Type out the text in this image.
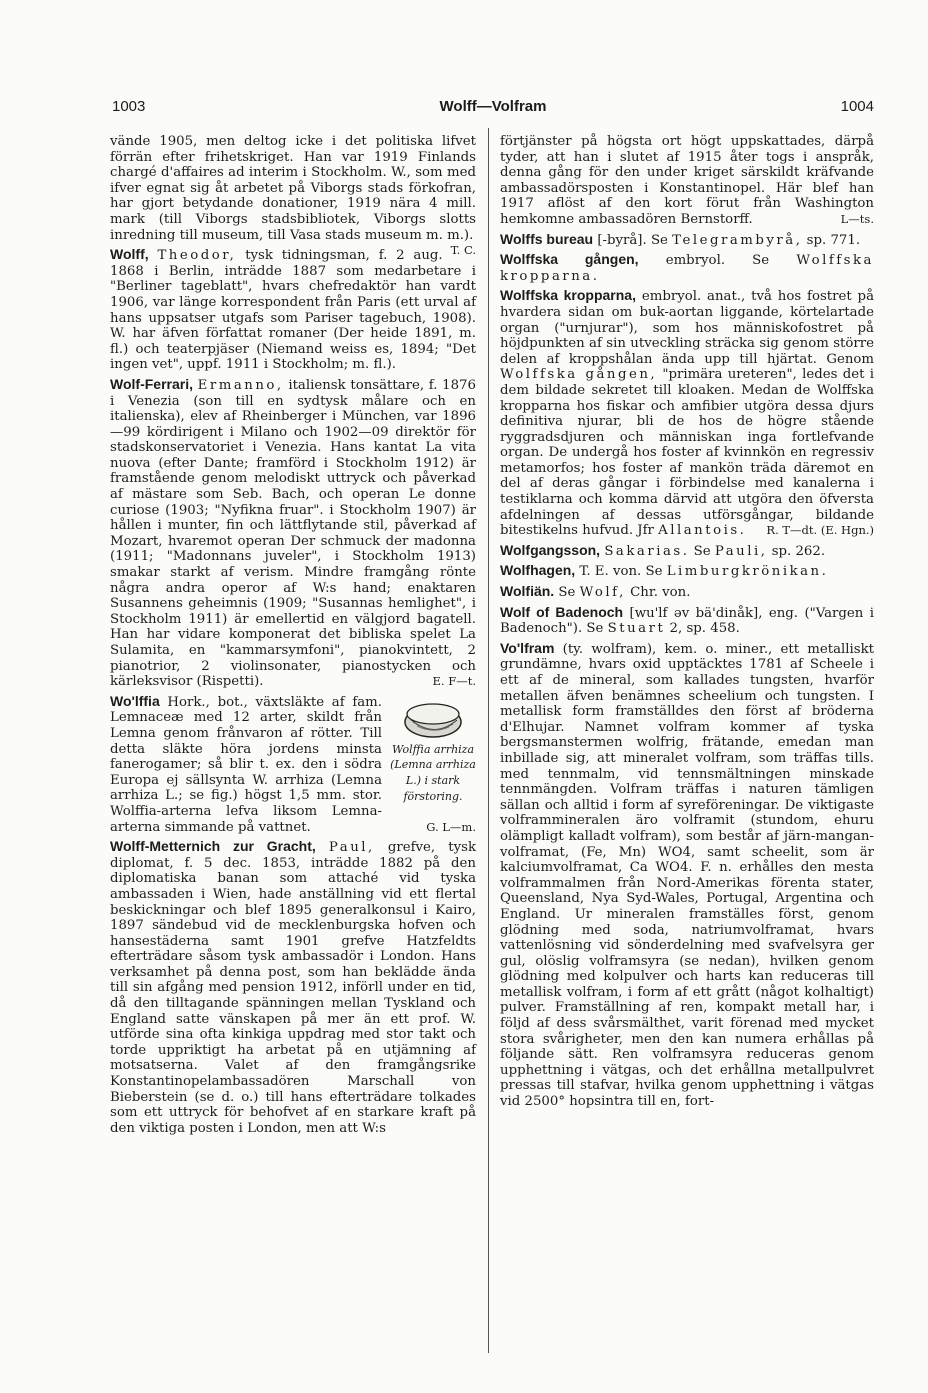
1003	Wolff—Volfram	1004

vände 1905, men deltog icke i det politiska lifvet förrän efter frihetskriget. Han var 1919 Finlands chargé d'affaires ad interim i Stockholm. W., som med ifver egnat sig åt arbetet på Viborgs stads förkofran, har gjort betydande donationer, 1919 nära 4 mill. mark (till Viborgs stadsbibliotek, Viborgs slotts inredning till museum, till Vasa stads museum m. m.).
T. C.

Wolff, Theodor, tysk tidningsman, f. 2 aug. 1868 i Berlin, inträdde 1887 som medarbetare i "Berliner tageblatt", hvars chefredaktör han vardt 1906, var länge korrespondent från Paris (ett urval af hans uppsatser utgafs som Pariser tagebuch, 1908). W. har äfven författat romaner (Der heide 1891, m. fl.) och teaterpjäser (Niemand weiss es, 1894; "Det ingen vet", uppf. 1911 i Stockholm; m. fl.).

Wolf-Ferrari, Ermanno, italiensk tonsättare, f. 1876 i Venezia (son till en sydtysk målare och en italienska), elev af Rheinberger i München, var 1896—99 kördirigent i Milano och 1902—09 direktör för stadskonservatoriet i Venezia. Hans kantat La vita nuova (efter Dante; framförd i Stockholm 1912) är framstående genom melodiskt uttryck och påverkad af mästare som Seb. Bach, och operan Le donne curiose (1903; "Nyfikna fruar". i Stockholm 1907) är hållen i munter, fin och lättflytande stil, påverkad af Mozart, hvaremot operan Der schmuck der madonna (1911; "Madonnans juveler", i Stockholm 1913) smakar starkt af verism. Mindre framgång rönte några andra operor af W:s hand; enaktaren Susannens geheimnis (1909; "Susannas hemlighet", i Stockholm 1911) är emellertid en välgjord bagatell. Han har vidare komponerat det bibliska spelet La Sulamita, en "kammarsymfoni", pianokvintett, 2 pianotrior, 2 violinsonater, pianostycken och kärleksvisor (Rispetti).	E. F—t.

Wolffia arrhiza (Lemna arrhiza L.) i stark förstoring.
Wo'lffia Hork., bot., växtsläkte af fam. Lemnaceæ med 12 arter, skildt från Lemna genom frånvaron af rötter. Till detta släkte höra jordens minsta fanerogamer; så blir t. ex. den i södra Europa ej sällsynta W. arrhiza (Lemna arrhiza L.; se fig.) högst 1,5 mm. stor. Wolffia-arterna lefva liksom Lemna-arterna simmande på vattnet.	G. L—m.

Wolff-Metternich zur Gracht, Paul, grefve, tysk diplomat, f. 5 dec. 1853, inträdde 1882 på den diplomatiska banan som attaché vid tyska ambassaden i Wien, hade anställning vid ett flertal beskickningar och blef 1895 generalkonsul i Kairo, 1897 sändebud vid de mecklenburgska hofven och hansestäderna samt 1901 grefve Hatzfeldts efterträdare såsom tysk ambassadör i London. Hans verksamhet på denna post, som han beklädde ända till sin afgång med pension 1912, införll under en tid, då den tilltagande spänningen mellan Tyskland och England satte vänskapen på mer än ett prof. W. utförde sina ofta kinkiga uppdrag med stor takt och torde uppriktigt ha arbetat på en utjämning af motsatserna. Valet af den framgångsrike Konstantinopelambassadören Marschall von Bieberstein (se d. o.) till hans efterträdare tolkades som ett uttryck för behofvet af en starkare kraft på den viktiga posten i London, men att W:s

förtjänster på högsta ort högt uppskattades, därpå tyder, att han i slutet af 1915 åter togs i anspråk, denna gång för den under kriget särskildt kräfvande ambassadörsposten i Konstantinopel. Här blef han 1917 aflöst af den kort förut från Washington hemkomne ambassadören Bernstorff.	L—ts.

Wolffs bureau [-byrå]. Se Telegrambyrå, sp. 771.

Wolffska gången, embryol. Se Wolffska kropparna.

Wolffska kropparna, embryol. anat., två hos fostret på hvardera sidan om buk-aortan liggande, körtelartade organ ("urnjurar"), som hos människofostret på höjdpunkten af sin utveckling sträcka sig genom större delen af kroppshålan ända upp till hjärtat. Genom Wolffska gången, "primära ureteren", ledes det i dem bildade sekretet till kloaken. Medan de Wolffska kropparna hos fiskar och amfibier utgöra dessa djurs definitiva njurar, bli de hos de högre stående ryggradsdjuren och människan inga fortlefvande organ. De undergå hos foster af kvinnkön en regressiv metamorfos; hos foster af mankön träda däremot en del af deras gångar i förbindelse med kanalerna i testiklarna och komma därvid att utgöra den öfversta afdelningen af dessas utförsgångar, bildande bitestikelns hufvud. Jfr Allantois. R. T—dt. (E. Hgn.)

Wolfgangsson, Sakarias. Se Pauli, sp. 262.

Wolfhagen, T. E. von. Se Limburgkrönikan.

Wolfiän. Se Wolf, Chr. von.

Wolf of Badenoch [wu'lf əv bä'dinåk], eng. ("Vargen i Badenoch"). Se Stuart 2, sp. 458.

Vo'lfram (ty. wolfram), kem. o. miner., ett metalliskt grundämne, hvars oxid upptäcktes 1781 af Scheele i ett af de mineral, som kallades tungsten, hvarför metallen äfven benämnes scheelium och tungsten. I metallisk form framställdes den först af bröderna d'Elhujar. Namnet volfram kommer af tyska bergsmanstermen wolfrig, frätande, emedan man inbillade sig, att mineralet volfram, som träffas tills. med tennmalm, vid tennsmältningen minskade tennmängden. Volfram träffas i naturen tämligen sällan och alltid i form af syreföreningar. De viktigaste volframmineralen äro volframit (stundom, ehuru olämpligt kalladt volfram), som består af järn-mangan-volframat, (Fe, Mn) WO4, samt scheelit, som är kalciumvolframat, Ca WO4. F. n. erhålles den mesta volframmalmen från Nord-Amerikas förenta stater, Queensland, Nya Syd-Wales, Portugal, Argentina och England. Ur mineralen framställes först, genom glödning med soda, natriumvolframat, hvars vattenlösning vid sönderdelning med svafvelsyra ger gul, olöslig volframsyra (se nedan), hvilken genom glödning med kolpulver och harts kan reduceras till metallisk volfram, i form af ett grått (något kolhaltigt) pulver. Framställning af ren, kompakt metall har, i följd af dess svårsmälthet, varit förenad med mycket stora svårigheter, men den kan numera erhållas på följande sätt. Ren volframsyra reduceras genom upphettning i vätgas, och det erhållna metallpulvret pressas till stafvar, hvilka genom upphettning i vätgas vid 2500° hopsintra till en, fort-
